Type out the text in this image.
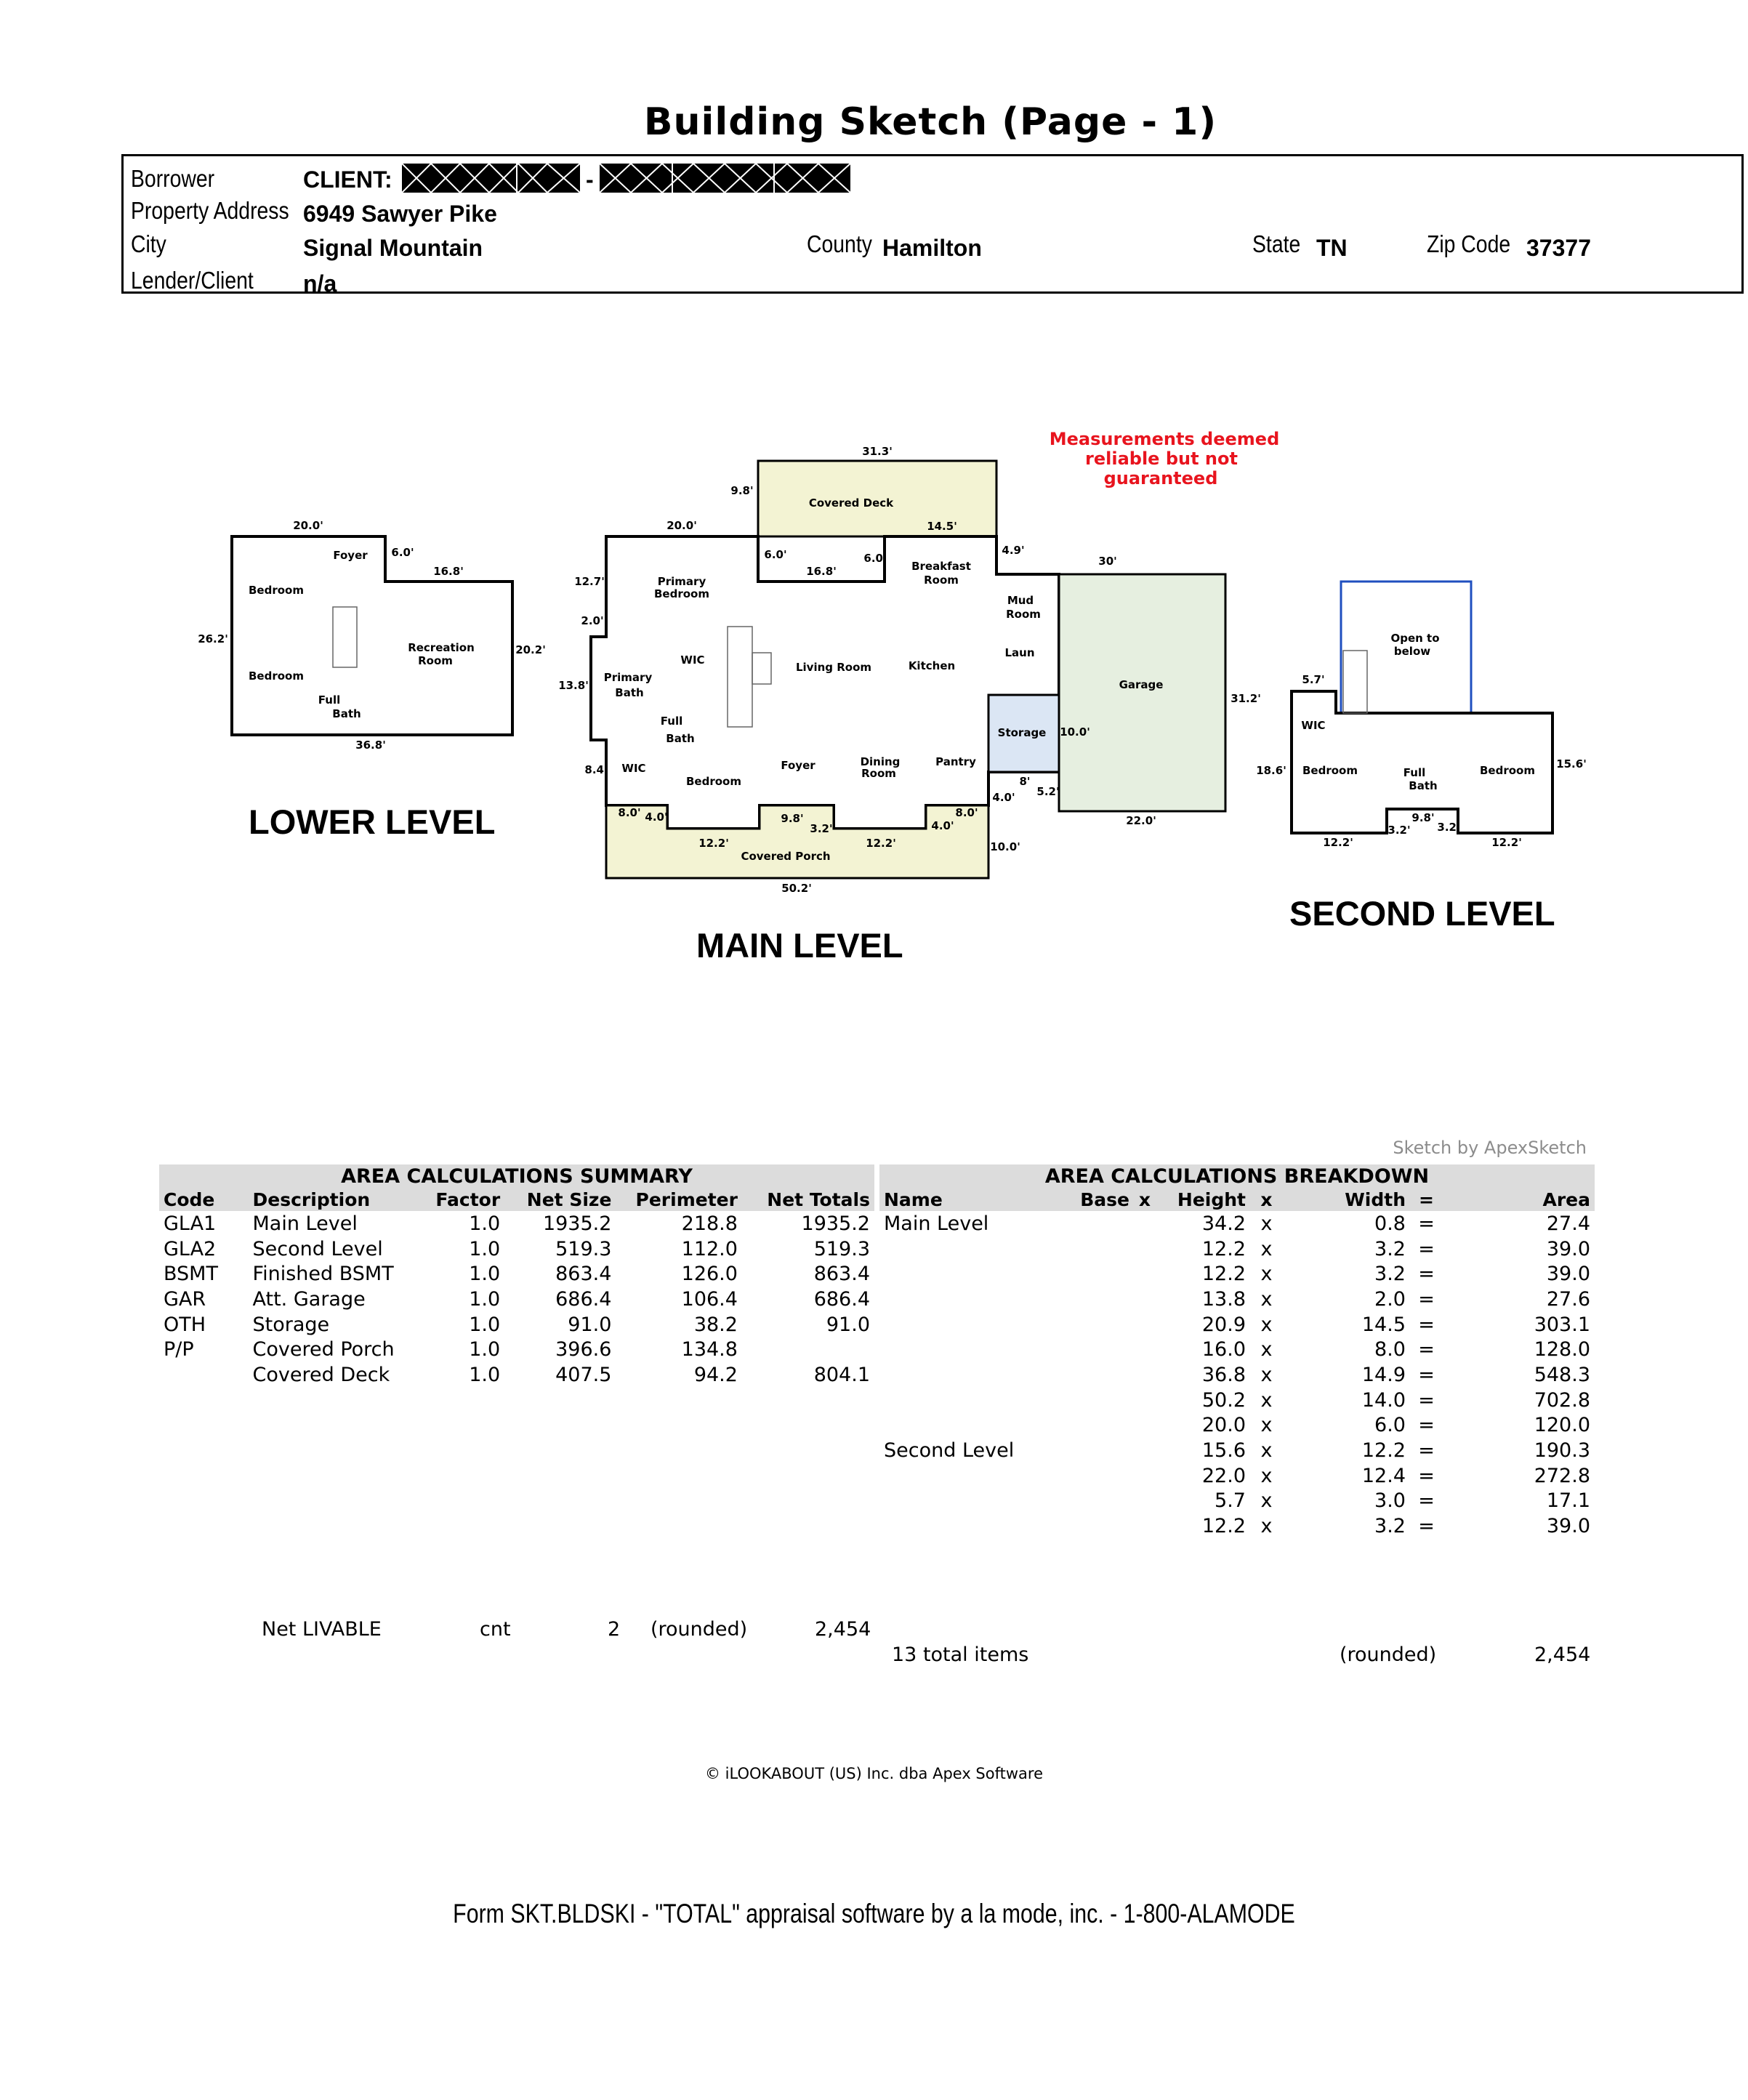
Building Sketch (Page - 1)
Borrower	CLIENT:	-
Property Address 6949 Sawyer Pike
City	Signal Mountain	County Hamilton	State TN	Zip Code 37377
Lender/Client n/a
Foyer
Bedroom
Bedroom
Recreation
Room
Full
Bath
20.0'
6.0'
16.8'
26.2'
20.2'
36.8'
Covered Deck
Breakfast
Room
Primary
Bedroom	Mud
Room
Laun
WIC
Living Room	Kitchen
Primary
Bath
Full
Bath
WIC
Bedroom
Foyer	Dining
Room
Pantry
Storage
Garage
Covered Porch
31.3'
9.8'
20.0'
6.0'
16.8'
6.0'
14.5'
4.9'
12.7'
2.0'
13.8'
8.4'
8.0' 4.0'
12.2'
9.8'
3.2'
12.2'
4.0'
8.0'
50.2'
4.0'
10.0'
8'
5.2'
10.0'
30'
31.2'
22.0'
Open to
below
WIC
Bedroom	Full
Bath
Bedroom
5.7'
18.6'	15.6'
12.2'
3.2'
9.8'
3.2'
12.2'
Measurements deemed
reliable but not
guaranteed
LOWER LEVEL
MAIN LEVEL
SECOND LEVEL
Sketch by ApexSketch
AREA CALCULATIONS SUMMARY					
Code	Description	Factor	Net Size	Perimeter	Net Totals
GLA1	Main Level	1.0	1935.2	218.8	1935.2
GLA2	Second Level	1.0	519.3	112.0	519.3
BSMT	Finished BSMT	1.0	863.4	126.0	863.4
GAR	Att. Garage	1.0	686.4	106.4	686.4
OTH	Storage	1.0	91.0	38.2	91.0
P/P	Covered Porch	1.0	396.6	134.8	
	Covered Deck	1.0	407.5	94.2	804.1
AREA CALCULATIONS BREAKDOWN							
Name	Base	x	Height	x	Width	=	Area
Main Level			34.2	x	0.8	=	27.4
			12.2	x	3.2	=	39.0
			12.2	x	3.2	=	39.0
			13.8	x	2.0	=	27.6
			20.9	x	14.5	=	303.1
			16.0	x	8.0	=	128.0
			36.8	x	14.9	=	548.3
			50.2	x	14.0	=	702.8
			20.0	x	6.0	=	120.0
Second Level			15.6	x	12.2	=	190.3
			22.0	x	12.4	=	272.8
			5.7	x	3.0	=	17.1
			12.2	x	3.2	=	39.0
Net LIVABLE	cnt	2 (rounded)	2,454
13 total items	(rounded)	2,454
© iLOOKABOUT (US) Inc. dba Apex Software
Form SKT.BLDSKI - "TOTAL" appraisal software by a la mode, inc. - 1-800-ALAMODE
